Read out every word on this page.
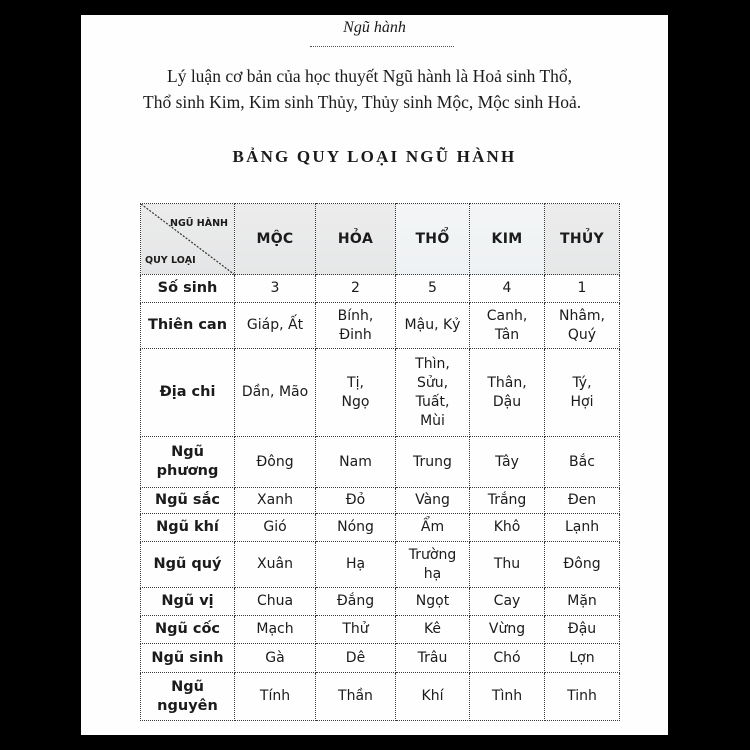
Ngũ hành
Lý luận cơ bản của học thuyết Ngũ hành là Hoả sinh Thổ,
Thổ sinh Kim, Kim sinh Thủy, Thủy sinh Mộc, Mộc sinh Hoả.
BẢNG QUY LOẠI NGŨ HÀNH
NGŨ HÀNH
QUY LOẠI	MỘC	HỎA	THỔ	KIM	THỦY
Số sinh	3	2	5	4	1
Thiên can	Giáp, Ất	Bính, Đinh	Mậu, Kỷ	Canh, Tân	Nhâm, Quý
Địa chi	Dần, Mão	Tị, Ngọ	Thìn, Sửu, Tuất, Mùi	Thân, Dậu	Tý, Hợi
Ngũ phương	Đông	Nam	Trung	Tây	Bắc
Ngũ sắc	Xanh	Đỏ	Vàng	Trắng	Đen
Ngũ khí	Gió	Nóng	Ẩm	Khô	Lạnh
Ngũ quý	Xuân	Hạ	Trường hạ	Thu	Đông
Ngũ vị	Chua	Đắng	Ngọt	Cay	Mặn
Ngũ cốc	Mạch	Thử	Kê	Vừng	Đậu
Ngũ sinh	Gà	Dê	Trâu	Chó	Lợn
Ngũ nguyên	Tính	Thần	Khí	Tình	Tinh
